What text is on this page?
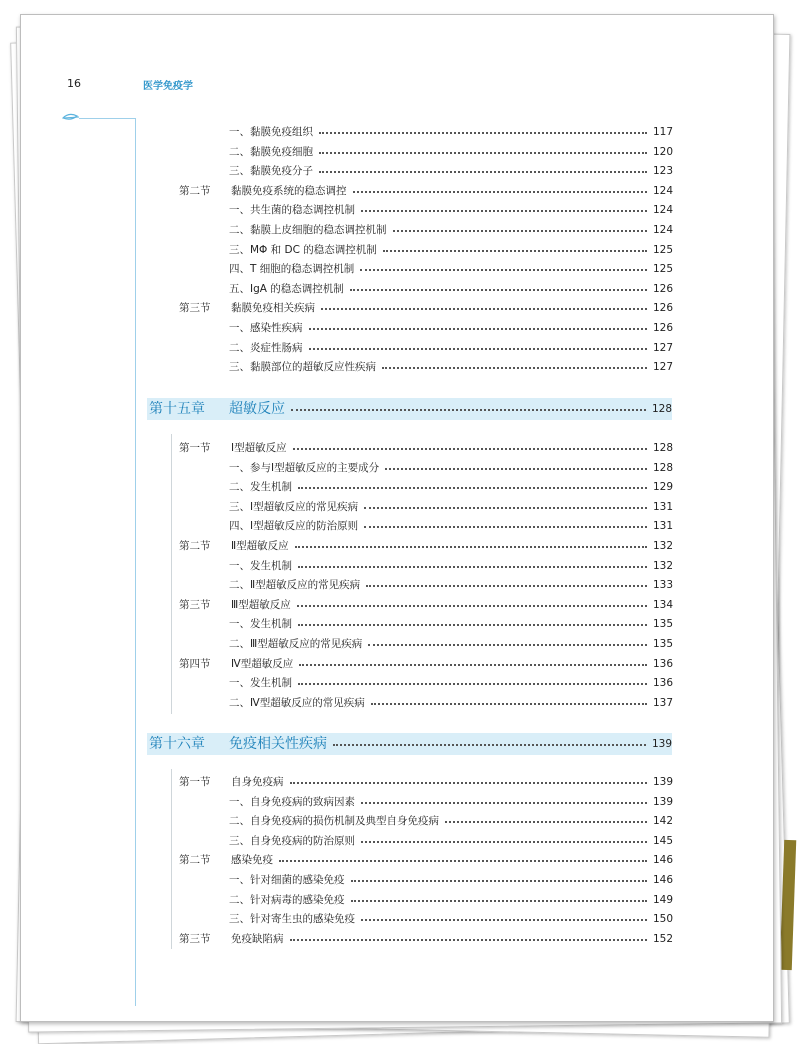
16	医学免疫学
一、黏膜免疫组织	117
二、黏膜免疫细胞	120
三、黏膜免疫分子	123
第二节 黏膜免疫系统的稳态调控	124
一、共生菌的稳态调控机制	124
二、黏膜上皮细胞的稳态调控机制	124
三、MΦ 和 DC 的稳态调控机制	125
四、T 细胞的稳态调控机制	125
五、IgA 的稳态调控机制	126
第三节 黏膜免疫相关疾病	126
一、感染性疾病	126
二、炎症性肠病	127
三、黏膜部位的超敏反应性疾病	127
第十五章 超敏反应	128
第一节 Ⅰ型超敏反应	128
一、参与Ⅰ型超敏反应的主要成分	128
二、发生机制	129
三、Ⅰ型超敏反应的常见疾病	131
四、Ⅰ型超敏反应的防治原则	131
第二节 Ⅱ型超敏反应	132
一、发生机制	132
二、Ⅱ型超敏反应的常见疾病	133
第三节 Ⅲ型超敏反应	134
一、发生机制	135
二、Ⅲ型超敏反应的常见疾病	135
第四节 Ⅳ型超敏反应	136
一、发生机制	136
二、Ⅳ型超敏反应的常见疾病	137
第十六章 免疫相关性疾病	139
第一节 自身免疫病	139
一、自身免疫病的致病因素	139
二、自身免疫病的损伤机制及典型自身免疫病	142
三、自身免疫病的防治原则	145
第二节 感染免疫	146
一、针对细菌的感染免疫	146
二、针对病毒的感染免疫	149
三、针对寄生虫的感染免疫	150
第三节 免疫缺陷病	152
